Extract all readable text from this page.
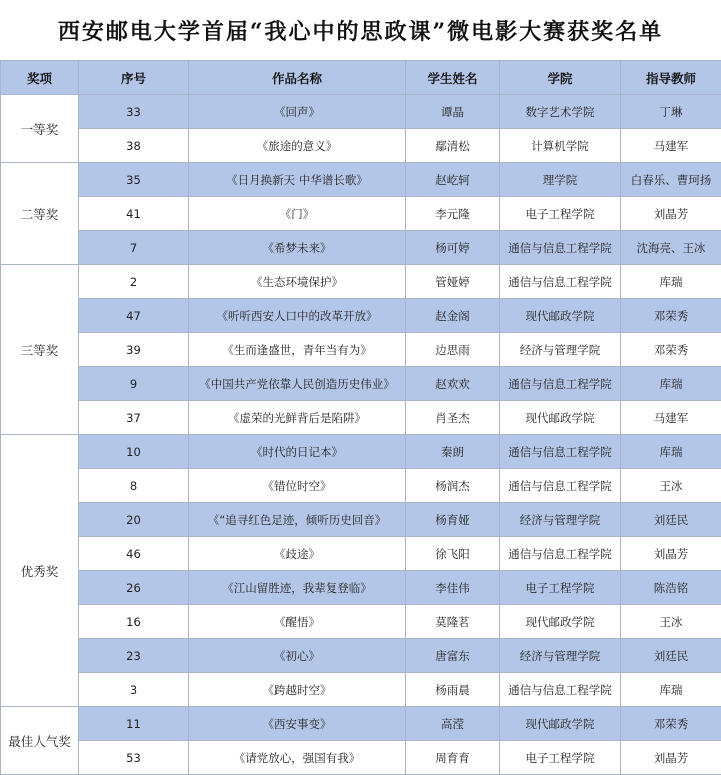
西安邮电大学首届“我心中的思政课”微电影大赛获奖名单
奖项	序号	作品名称	学生姓名	学院	指导教师
一等奖	33	《回声》	谭晶	数字艺术学院	丁琳
	38	《旅途的意义》	鄢清松	计算机学院	马建军
二等奖	35	《日月换新天 中华谱长歌》	赵屹轲	理学院	白春乐、曹珂扬
	41	《门》	李元隆	电子工程学院	刘晶芳
	7	《希梦未来》	杨可婷	通信与信息工程学院	沈海亮、王冰
三等奖	2	《生态环境保护》	管娅婷	通信与信息工程学院	库瑞
	47	《听听西安人口中的改革开放》	赵金阁	现代邮政学院	邓荣秀
	39	《生而逢盛世，青年当有为》	边思雨	经济与管理学院	邓荣秀
	9	《中国共产党依靠人民创造历史伟业》	赵欢欢	通信与信息工程学院	库瑞
	37	《虚荣的光鲜背后是陷阱》	肖圣杰	现代邮政学院	马建军
优秀奖	10	《时代的日记本》	秦朗	通信与信息工程学院	库瑞
	8	《错位时空》	杨润杰	通信与信息工程学院	王冰
	20	《“追寻红色足迹，倾听历史回音》	杨育娅	经济与管理学院	刘廷民
	46	《歧途》	徐飞阳	通信与信息工程学院	刘晶芳
	26	《江山留胜迹，我辈复登临》	李佳伟	电子工程学院	陈浩铭
	16	《醒悟》	莫隆茗	现代邮政学院	王冰
	23	《初心》	唐富东	经济与管理学院	刘廷民
	3	《跨越时空》	杨雨晨	通信与信息工程学院	库瑞
最佳人气奖	11	《西安事变》	高滢	现代邮政学院	邓荣秀
	53	《请党放心，强国有我》	周育育	电子工程学院	刘晶芳
